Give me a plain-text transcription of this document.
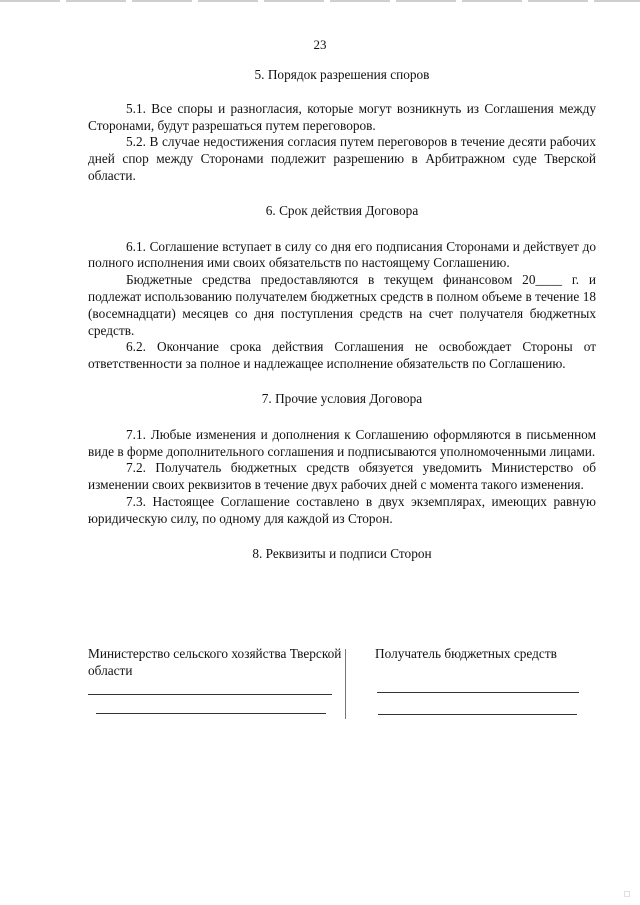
23

5. Порядок разрешения споров

5.1. Все споры и разногласия, которые могут возникнуть из Соглашения между Сторонами, будут разрешаться путем переговоров.

5.2. В случае недостижения согласия путем переговоров в течение десяти рабочих дней спор между Сторонами подлежит разрешению в Арбитражном суде Тверской области.

6. Срок действия Договора

6.1. Соглашение вступает в силу со дня его подписания Сторонами и действует до полного исполнения ими своих обязательств по настоящему Соглашению.

Бюджетные средства предоставляются в текущем финансовом 20____ г. и подлежат использованию получателем бюджетных средств в полном объеме в течение 18 (восемнадцати) месяцев со дня поступления средств на счет получателя бюджетных средств.

6.2. Окончание срока действия Соглашения не освобождает Стороны от ответственности за полное и надлежащее исполнение обязательств по Соглашению.

7. Прочие условия Договора

7.1. Любые изменения и дополнения к Соглашению оформляются в письменном виде в форме дополнительного соглашения и подписываются уполномоченными лицами.

7.2. Получатель бюджетных средств обязуется уведомить Министерство об изменении своих реквизитов в течение двух рабочих дней с момента такого изменения.

7.3. Настоящее Соглашение составлено в двух экземплярах, имеющих равную юридическую силу, по одному для каждой из Сторон.

8. Реквизиты и подписи Сторон

Министерство сельского хозяйства Тверской области
Получатель бюджетных средств
